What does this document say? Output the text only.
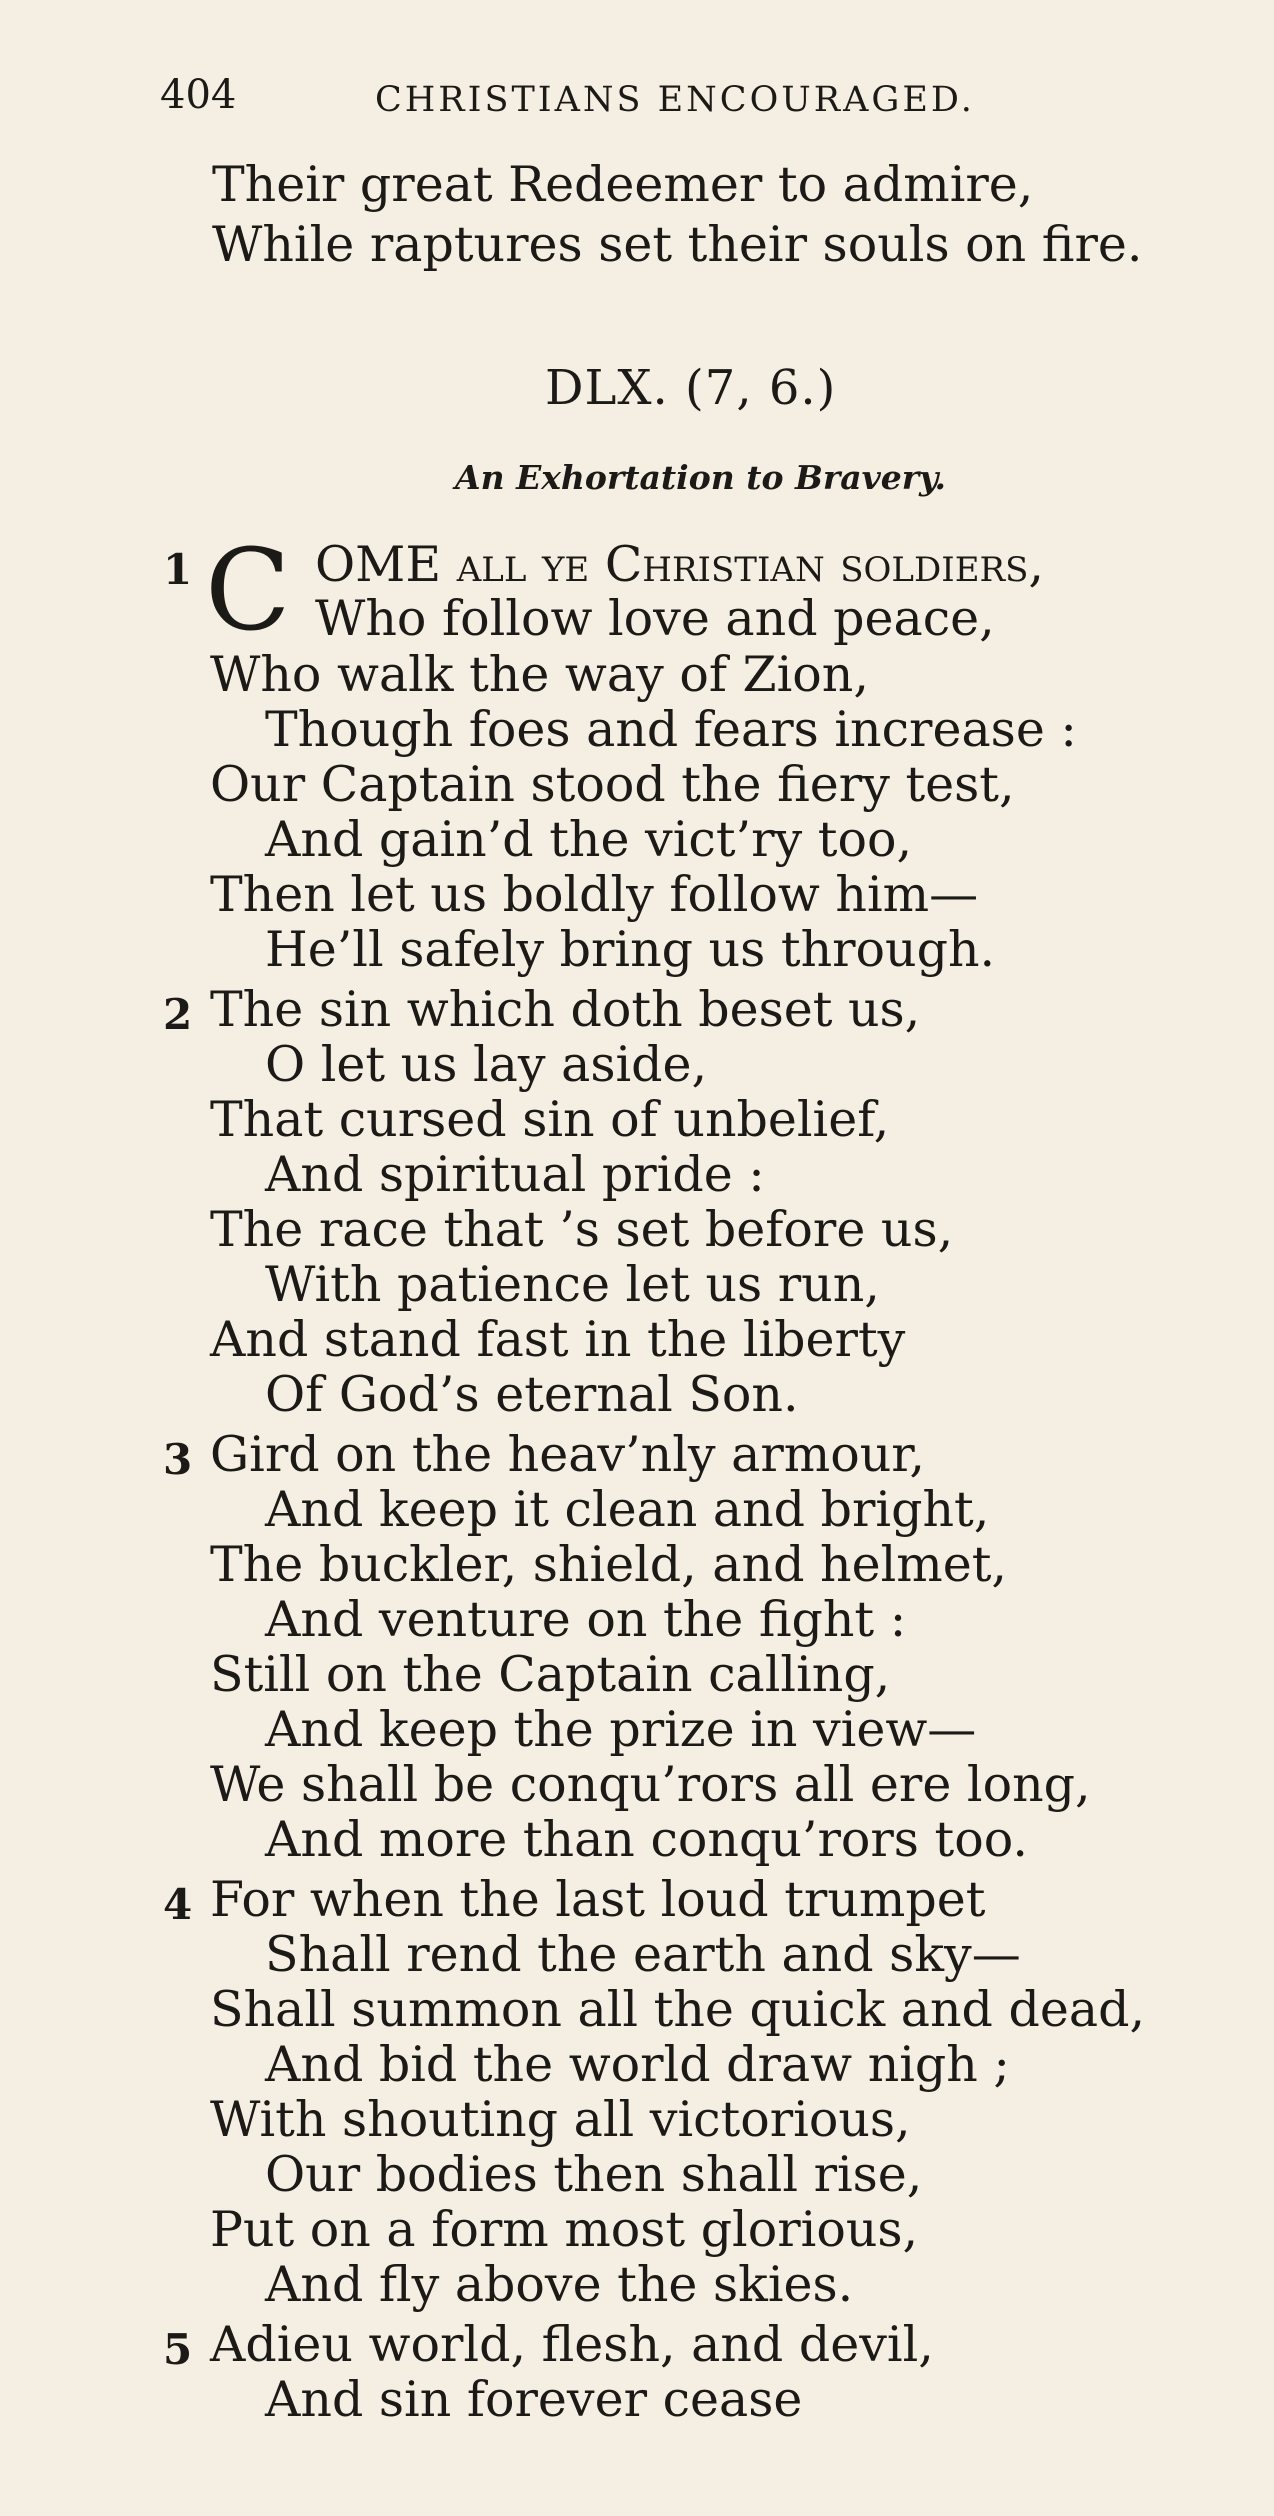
404	CHRISTIANS ENCOURAGED.
Their great Redeemer to admire,
While raptures set their souls on fire.
DLX. (7, 6.)
An Exhortation to Bravery.
1 C OME all ye Christian soldiers,
Who follow love and peace,
Who walk the way of Zion,
Though foes and fears increase :
Our Captain stood the fiery test,
And gain’d the vict’ry too,
Then let us boldly follow him—
He’ll safely bring us through.
2 The sin which doth beset us,
O let us lay aside,
That cursed sin of unbelief,
And spiritual pride :
The race that ’s set before us,
With patience let us run,
And stand fast in the liberty
Of God’s eternal Son.
3 Gird on the heav’nly armour,
And keep it clean and bright,
The buckler, shield, and helmet,
And venture on the fight :
Still on the Captain calling,
And keep the prize in view—
We shall be conqu’rors all ere long,
And more than conqu’rors too.
4 For when the last loud trumpet
Shall rend the earth and sky—
Shall summon all the quick and dead,
And bid the world draw nigh ;
With shouting all victorious,
Our bodies then shall rise,
Put on a form most glorious,
And fly above the skies.
5 Adieu world, flesh, and devil,
And sin forever cease
